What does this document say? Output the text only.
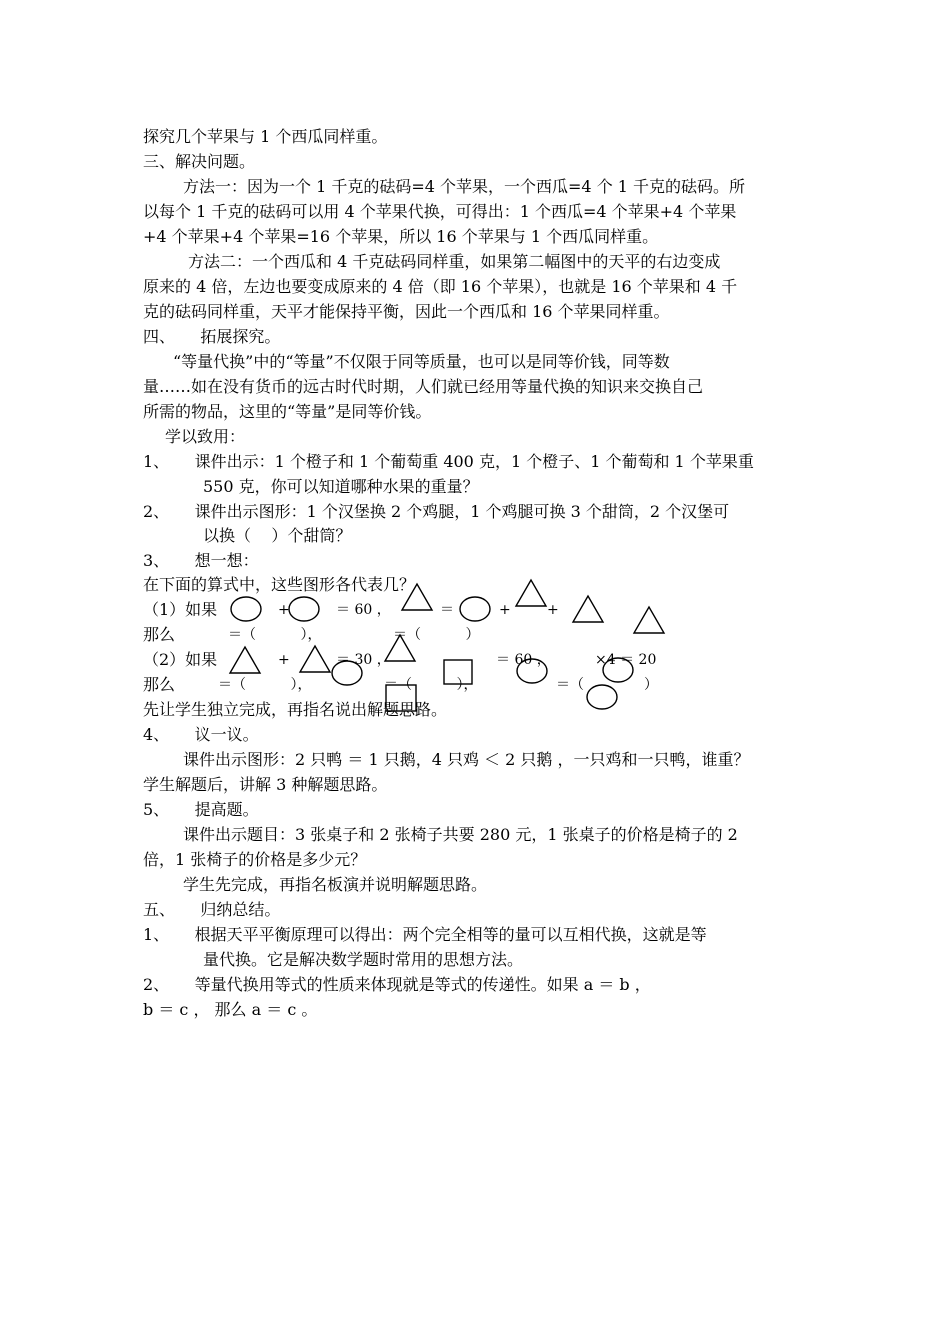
探究几个苹果与 1 个西瓜同样重。
三、解决问题。
方法一：因为一个 1 千克的砝码=4 个苹果，一个西瓜=4 个 1 千克的砝码。所
以每个 1 千克的砝码可以用 4 个苹果代换，可得出：1 个西瓜=4 个苹果+4 个苹果
+4 个苹果+4 个苹果=16 个苹果，所以 16 个苹果与 1 个西瓜同样重。
方法二：一个西瓜和 4 千克砝码同样重，如果第二幅图中的天平的右边变成
原来的 4 倍，左边也要变成原来的 4 倍（即 16 个苹果），也就是 16 个苹果和 4 千
克的砝码同样重，天平才能保持平衡，因此一个西瓜和 16 个苹果同样重。
四、     拓展探究。
“等量代换”中的“等量”不仅限于同等质量，也可以是同等价钱，同等数
量……如在没有货币的远古时代时期，人们就已经用等量代换的知识来交换自己
所需的物品，这里的“等量”是同等价钱。
学以致用：
1、     课件出示：1 个橙子和 1 个葡萄重 400 克，1 个橙子、1 个葡萄和 1 个苹果重
550 克，你可以知道哪种水果的重量？
2、     课件出示图形：1 个汉堡换 2 个鸡腿，1 个鸡腿可换 3 个甜筒，2 个汉堡可
以换（    ）个甜筒？
3、     想一想：
在下面的算式中，这些图形各代表几？
（1）如果	+	＝ 60 ，	＝	+	+
那么	＝（          ），	＝（          ）
（2）如果	+	＝ 30 ，	＝ 60 ，	×4 ＝ 20
那么	＝（          ），	＝（          ），	＝（	）
先让学生独立完成，再指名说出解题思路。
4、     议一议。
课件出示图形：2 只鸭 ＝ 1 只鹅，4 只鸡 ＜ 2 只鹅 ，一只鸡和一只鸭，谁重？
学生解题后，讲解 3 种解题思路。
5、     提高题。
课件出示题目：3 张桌子和 2 张椅子共要 280 元，1 张桌子的价格是椅子的 2
倍，1 张椅子的价格是多少元？
学生先完成，再指名板演并说明解题思路。
五、     归纳总结。
1、     根据天平平衡原理可以得出：两个完全相等的量可以互相代换，这就是等
量代换。它是解决数学题时常用的思想方法。
2、     等量代换用等式的性质来体现就是等式的传递性。如果 a ＝ b ，
b ＝ c ， 那么 a ＝ c 。
